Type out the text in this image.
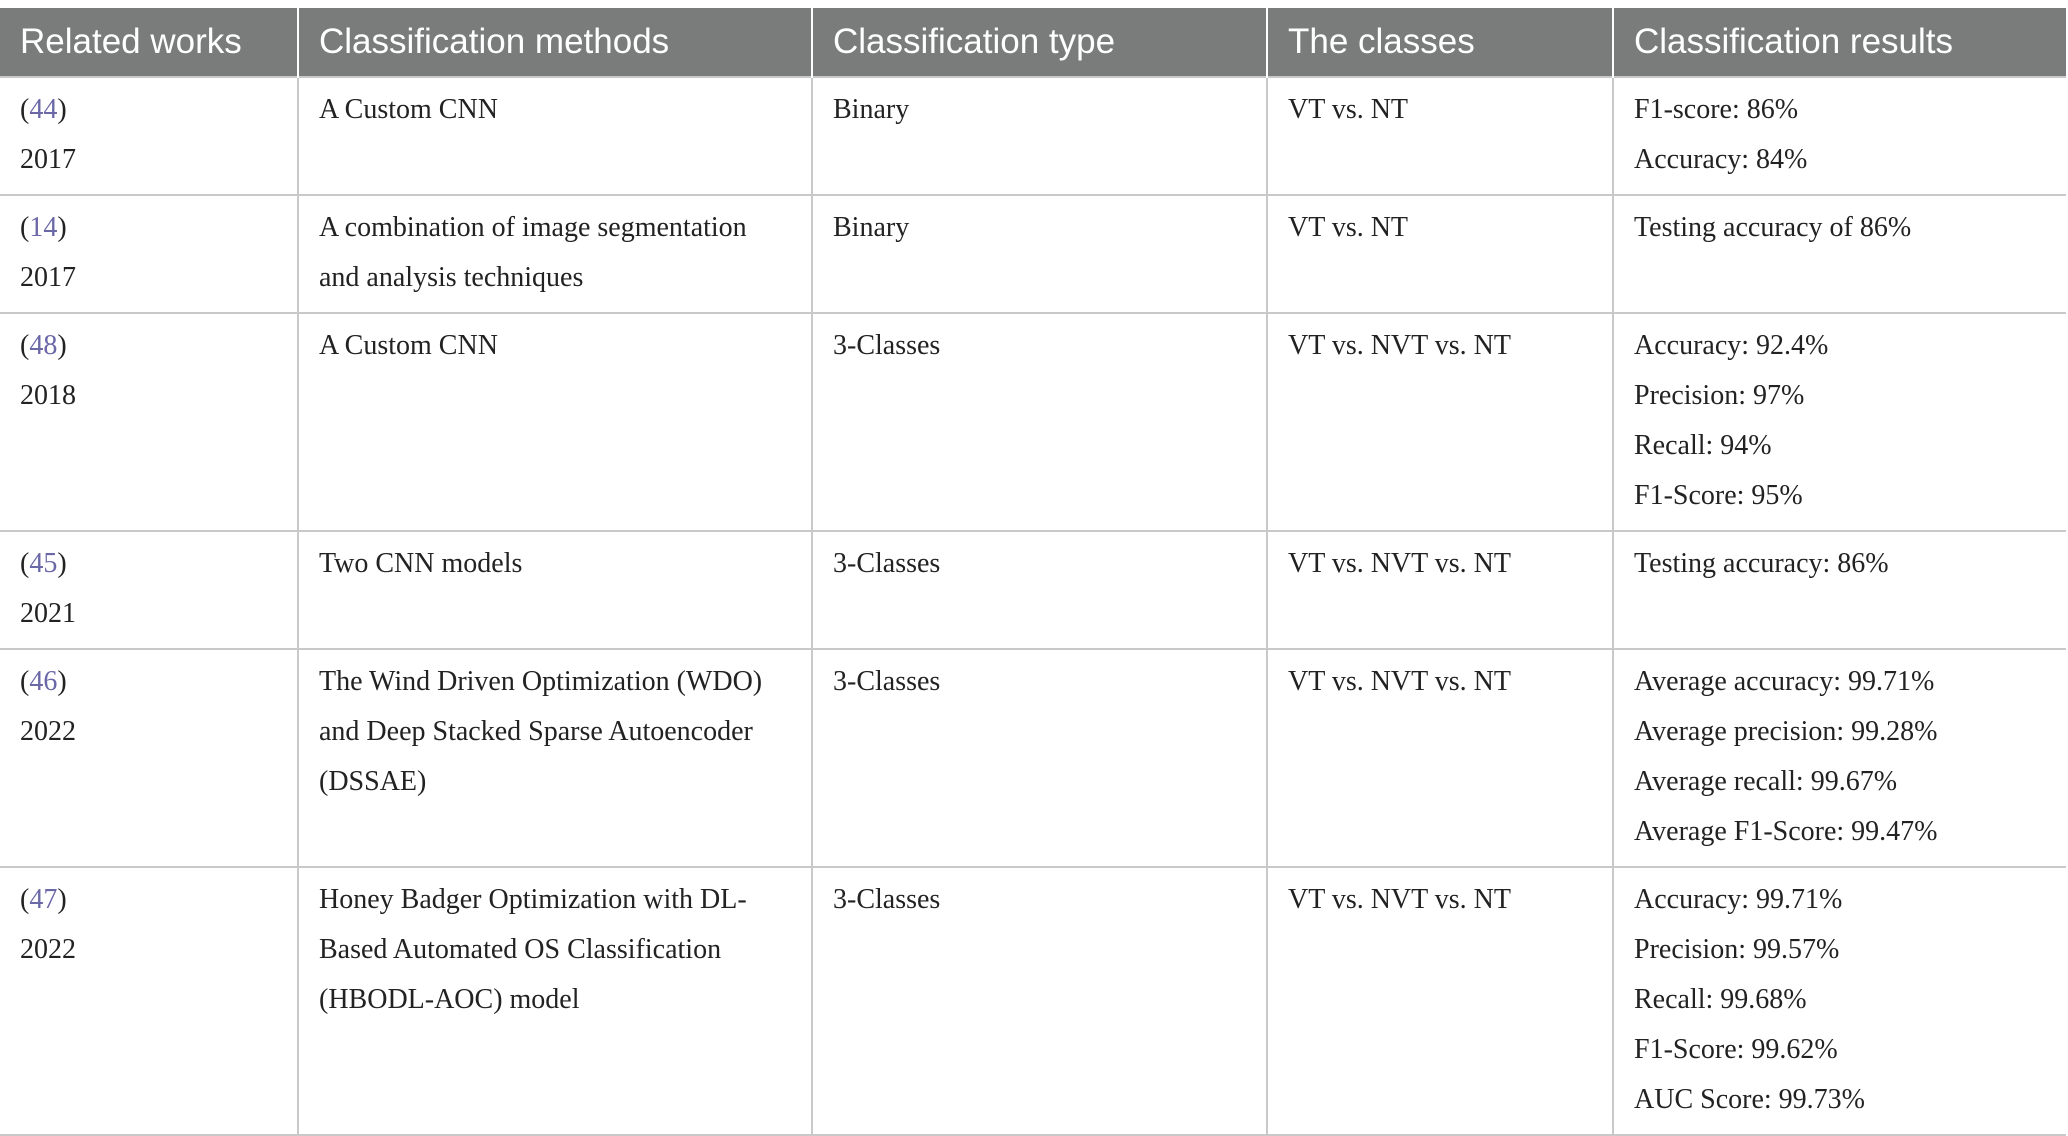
Related works	Classification methods	Classification type	The classes	Classification results

(44)
2017	A Custom CNN	Binary	VT vs. NT	F1-score: 86%
Accuracy: 84%

(14)
2017	A combination of image segmentation
and analysis techniques	Binary	VT vs. NT	Testing accuracy of 86%

(48)
2018	A Custom CNN	3-Classes	VT vs. NVT vs. NT	Accuracy: 92.4%
Precision: 97%
Recall: 94%
F1-Score: 95%

(45)
2021	Two CNN models	3-Classes	VT vs. NVT vs. NT	Testing accuracy: 86%

(46)
2022	The Wind Driven Optimization (WDO)
and Deep Stacked Sparse Autoencoder
(DSSAE)	3-Classes	VT vs. NVT vs. NT	Average accuracy: 99.71%
Average precision: 99.28%
Average recall: 99.67%
Average F1-Score: 99.47%

(47)
2022	Honey Badger Optimization with DL-
Based Automated OS Classification
(HBODL-AOC) model	3-Classes	VT vs. NVT vs. NT	Accuracy: 99.71%
Precision: 99.57%
Recall: 99.68%
F1-Score: 99.62%
AUC Score: 99.73%
